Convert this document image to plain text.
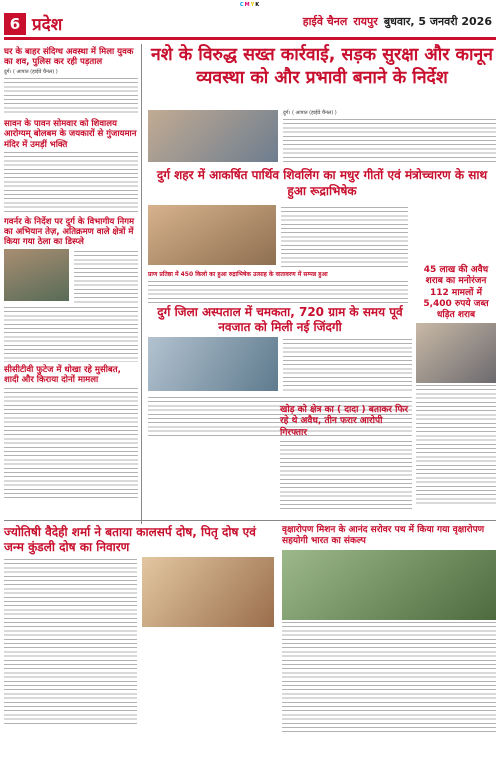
CMYK
6 प्रदेश	हाईवे चैनल रायपुर बुधवार, 5 जनवरी 2026
घर के बाहर संदिग्ध अवस्था में मिला युवक का शव, पुलिस कर रही पड़ताल
दुर्ग। ( आपात (हाईवे चैनल) )
सावन के पावन सोमवार को शिवालय आरोग्यम् बोलबम के जयकारों से गुंजायमान मंदिर में उमड़ीं भक्ति
गवर्नर के निर्देश पर दुर्ग के विभागीय निगम का अभियान तेज़, अतिक्रमण वाले क्षेत्रों में किया गया ठेला का डिस्प्ले
सीसीटीवी फुटेज में धोखा रहे मुसीबत, शादी और किराया दोनों मामला
नशे के विरुद्ध सख्त कार्रवाई, सड़क सुरक्षा और कानून व्यवस्था को और प्रभावी बनाने के निर्देश
दुर्ग। ( आपात (हाईवे चैनल) )
दुर्ग शहर में आकर्षित पार्थिव शिवलिंग का मधुर गीतों एवं मंत्रोच्चारण के साथ हुआ रूद्राभिषेक
प्राण प्रतिष्ठा में 450 किलो का हुआ रुद्राभिषेक उत्साह के वातावरण में सम्पन्न हुआ	45 लाख की अवैध शराब का मनोरंजन 112 मामलों में 5,400 रुपये जब्त धड़ित शराब
दुर्ग जिला अस्पताल में चमकता, 720 ग्राम के समय पूर्व नवजात को मिली नई जिंदगी
खोड़ को क्षेत्र का ( दादा ) बताकर फिर रहे थे अवैध, तीन फरार आरोपी गिरफ्तार
ज्योतिषी वैदेही शर्मा ने बताया कालसर्प दोष, पितृ दोष एवं जन्म कुंडली दोष का निवारण
वृक्षारोपण मिशन के आनंद सरोवर पथ में किया गया वृक्षारोपण सहयोगी भारत का संकल्प
